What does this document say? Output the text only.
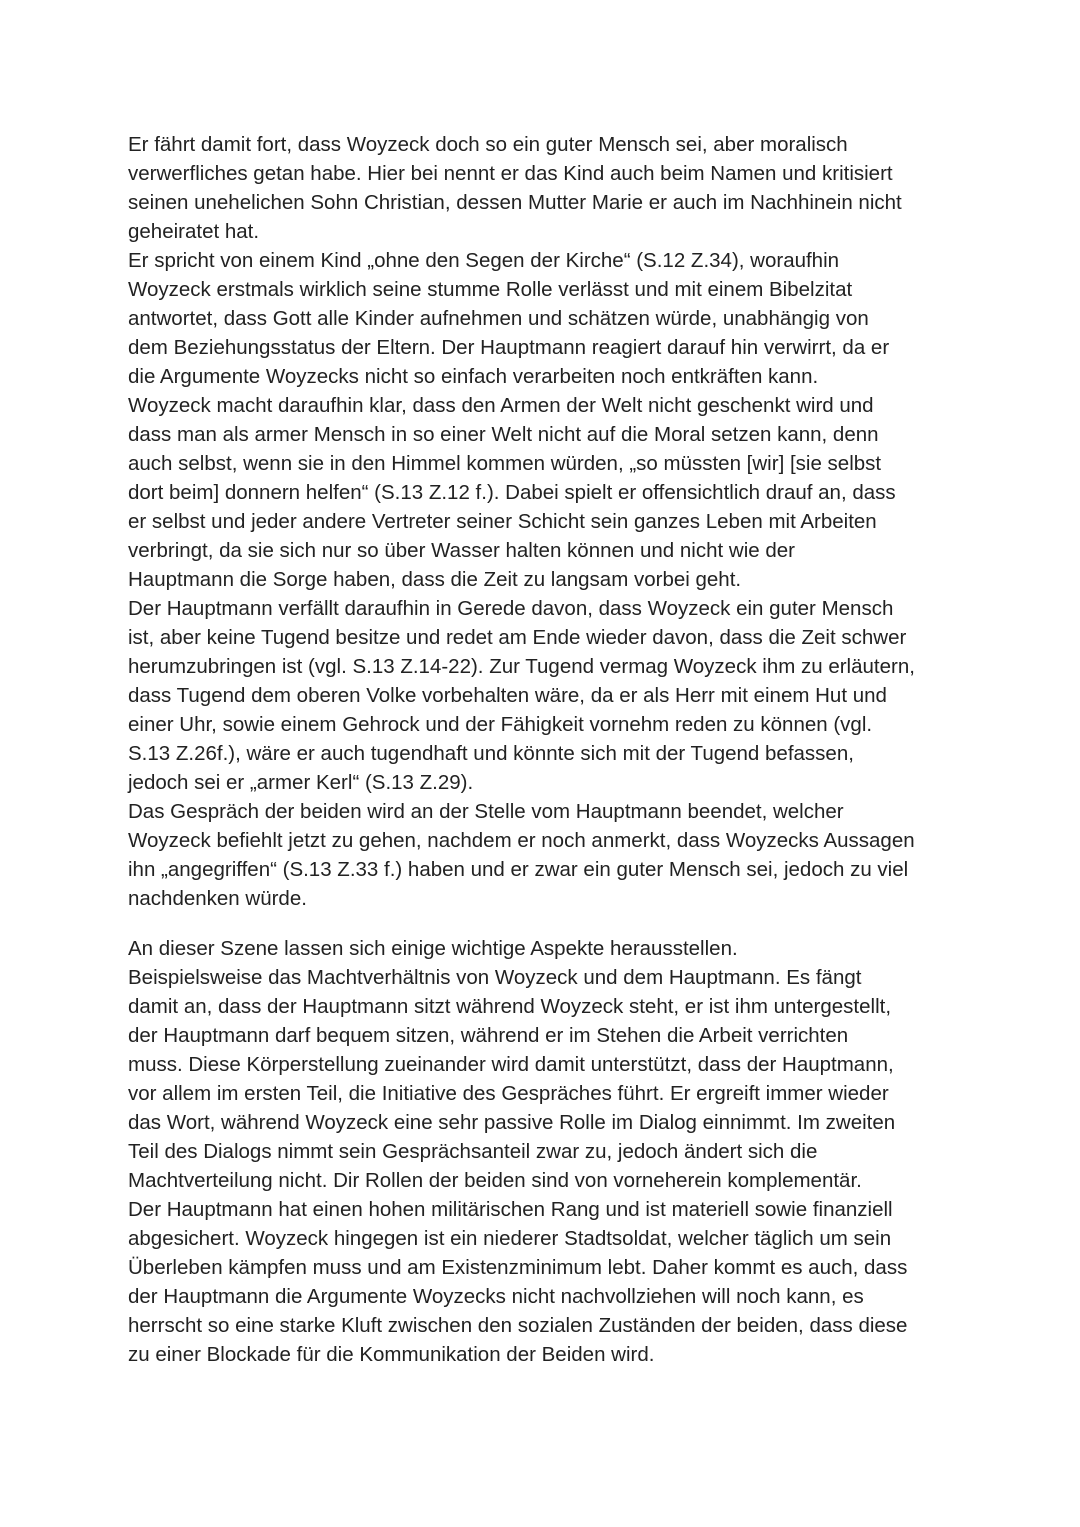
Er fährt damit fort, dass Woyzeck doch so ein guter Mensch sei, aber moralisch
verwerfliches getan habe. Hier bei nennt er das Kind auch beim Namen und kritisiert
seinen unehelichen Sohn Christian, dessen Mutter Marie er auch im Nachhinein nicht
geheiratet hat.
Er spricht von einem Kind „ohne den Segen der Kirche“ (S.12 Z.34), woraufhin
Woyzeck erstmals wirklich seine stumme Rolle verlässt und mit einem Bibelzitat
antwortet, dass Gott alle Kinder aufnehmen und schätzen würde, unabhängig von
dem Beziehungsstatus der Eltern. Der Hauptmann reagiert darauf hin verwirrt, da er
die Argumente Woyzecks nicht so einfach verarbeiten noch entkräften kann.
Woyzeck macht daraufhin klar, dass den Armen der Welt nicht geschenkt wird und
dass man als armer Mensch in so einer Welt nicht auf die Moral setzen kann, denn
auch selbst, wenn sie in den Himmel kommen würden, „so müssten [wir] [sie selbst
dort beim] donnern helfen“ (S.13 Z.12 f.). Dabei spielt er offensichtlich drauf an, dass
er selbst und jeder andere Vertreter seiner Schicht sein ganzes Leben mit Arbeiten
verbringt, da sie sich nur so über Wasser halten können und nicht wie der
Hauptmann die Sorge haben, dass die Zeit zu langsam vorbei geht.
Der Hauptmann verfällt daraufhin in Gerede davon, dass Woyzeck ein guter Mensch
ist, aber keine Tugend besitze und redet am Ende wieder davon, dass die Zeit schwer
herumzubringen ist (vgl. S.13 Z.14-22). Zur Tugend vermag Woyzeck ihm zu erläutern,
dass Tugend dem oberen Volke vorbehalten wäre, da er als Herr mit einem Hut und
einer Uhr, sowie einem Gehrock und der Fähigkeit vornehm reden zu können (vgl.
S.13 Z.26f.), wäre er auch tugendhaft und könnte sich mit der Tugend befassen,
jedoch sei er „armer Kerl“ (S.13 Z.29).
Das Gespräch der beiden wird an der Stelle vom Hauptmann beendet, welcher
Woyzeck befiehlt jetzt zu gehen, nachdem er noch anmerkt, dass Woyzecks Aussagen
ihn „angegriffen“ (S.13 Z.33 f.) haben und er zwar ein guter Mensch sei, jedoch zu viel
nachdenken würde.
An dieser Szene lassen sich einige wichtige Aspekte herausstellen.
Beispielsweise das Machtverhältnis von Woyzeck und dem Hauptmann. Es fängt
damit an, dass der Hauptmann sitzt während Woyzeck steht, er ist ihm untergestellt,
der Hauptmann darf bequem sitzen, während er im Stehen die Arbeit verrichten
muss. Diese Körperstellung zueinander wird damit unterstützt, dass der Hauptmann,
vor allem im ersten Teil, die Initiative des Gespräches führt. Er ergreift immer wieder
das Wort, während Woyzeck eine sehr passive Rolle im Dialog einnimmt. Im zweiten
Teil des Dialogs nimmt sein Gesprächsanteil zwar zu, jedoch ändert sich die
Machtverteilung nicht. Dir Rollen der beiden sind von vorneherein komplementär.
Der Hauptmann hat einen hohen militärischen Rang und ist materiell sowie finanziell
abgesichert. Woyzeck hingegen ist ein niederer Stadtsoldat, welcher täglich um sein
Überleben kämpfen muss und am Existenzminimum lebt. Daher kommt es auch, dass
der Hauptmann die Argumente Woyzecks nicht nachvollziehen will noch kann, es
herrscht so eine starke Kluft zwischen den sozialen Zuständen der beiden, dass diese
zu einer Blockade für die Kommunikation der Beiden wird.
